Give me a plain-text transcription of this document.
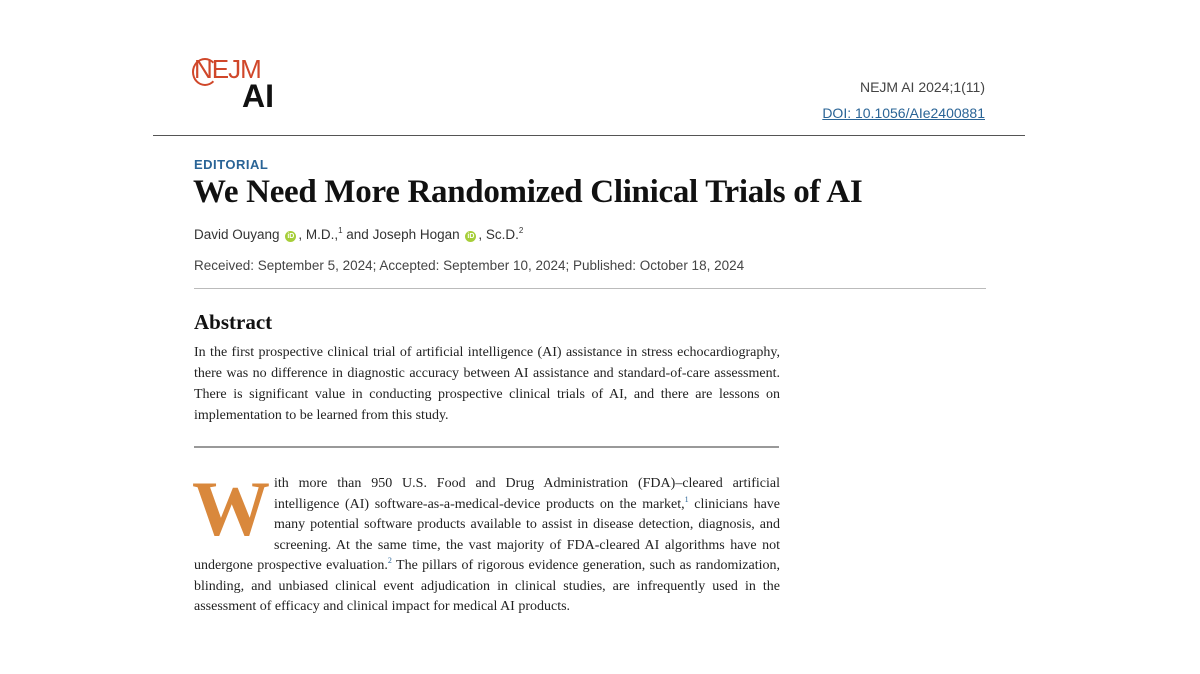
NEJM
AI	NEJM AI 2024;1(11)
DOI: 10.1056/AIe2400881
EDITORIAL
We Need More Randomized Clinical Trials of AI
David Ouyang iD , M.D.,$^1$ and Joseph Hogan iD , Sc.D.$^2$
Received: September 5, 2024; Accepted: September 10, 2024; Published: October 18, 2024
Abstract

In the first prospective clinical trial of artificial intelligence (AI) assistance in stress echocardiography, there was no difference in diagnostic accuracy between AI assistance and standard-of-care assessment. There is significant value in conducting prospective clinical trials of AI, and there are lessons on implementation to be learned from this study.

With more than 950 U.S. Food and Drug Administration (FDA)–cleared artificial intelligence (AI) software-as-a-medical-device products on the market,$^1$ clinicians have many potential software products available to assist in disease detection, diagnosis, and screening. At the same time, the vast majority of FDA-cleared AI algorithms have not undergone prospective evaluation.$^2$ The pillars of rigorous evidence generation, such as randomization, blinding, and unbiased clinical event adjudication in clinical studies, are infrequently used in the assessment of efficacy and clinical impact for medical AI products.
